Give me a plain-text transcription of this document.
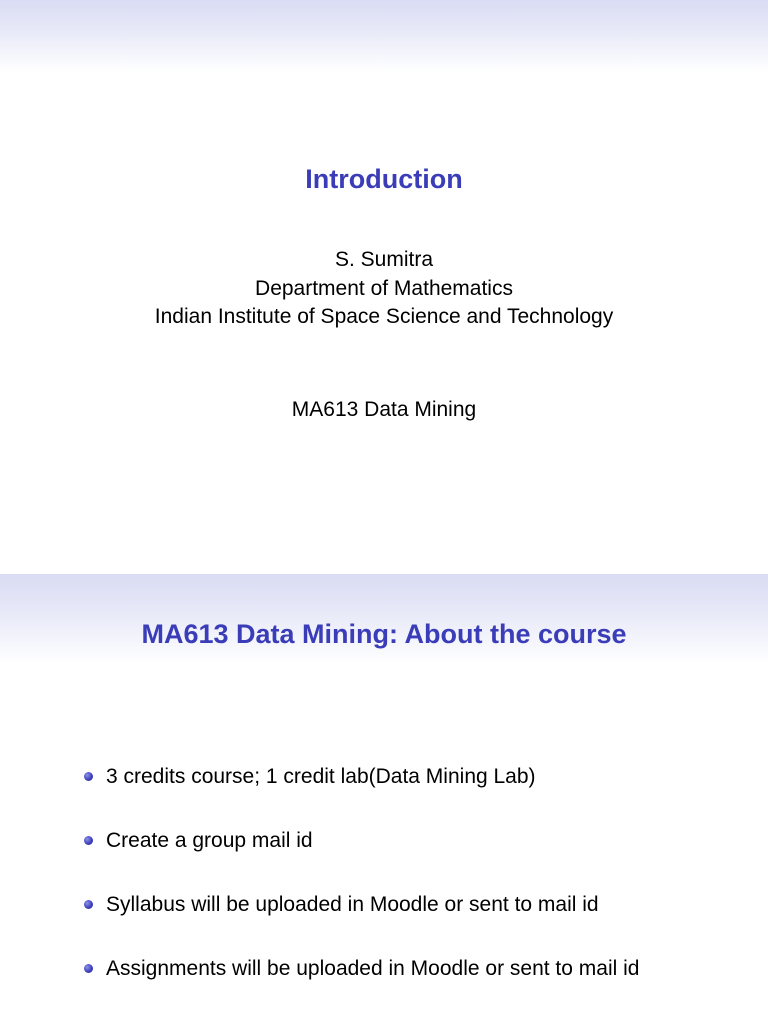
Introduction
S. Sumitra
Department of Mathematics
Indian Institute of Space Science and Technology
MA613 Data Mining
MA613 Data Mining: About the course
3 credits course; 1 credit lab(Data Mining Lab)
Create a group mail id
Syllabus will be uploaded in Moodle or sent to mail id
Assignments will be uploaded in Moodle or sent to mail id
